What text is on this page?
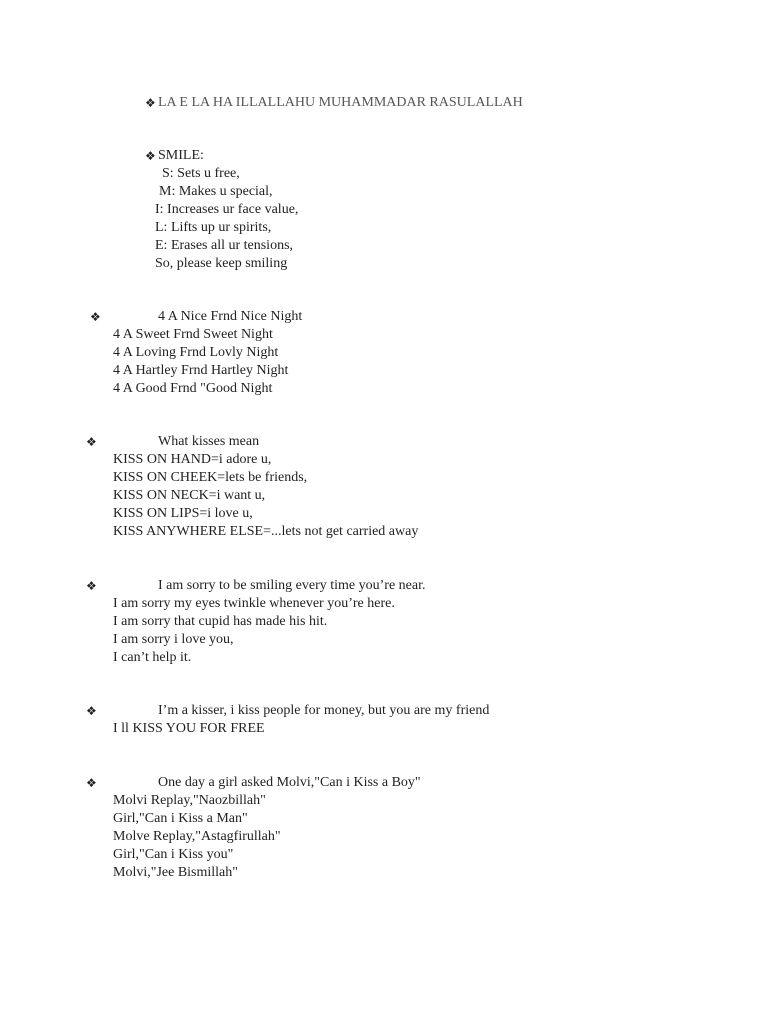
❖ LA E LA HA ILLALLAHU MUHAMMADAR RASULALLAH
❖ SMILE:
S: Sets u free,
M: Makes u special,
I: Increases ur face value,
L: Lifts up ur spirits,
E: Erases all ur tensions,
So, please keep smiling
❖	4 A Nice Frnd Nice Night
4 A Sweet Frnd Sweet Night
4 A Loving Frnd Lovly Night
4 A Hartley Frnd Hartley Night
4 A Good Frnd "Good Night
❖	What kisses mean
KISS ON HAND=i adore u,
KISS ON CHEEK=lets be friends,
KISS ON NECK=i want u,
KISS ON LIPS=i love u,
KISS ANYWHERE ELSE=...lets not get carried away
❖	I am sorry to be smiling every time you’re near.
I am sorry my eyes twinkle whenever you’re here.
I am sorry that cupid has made his hit.
I am sorry i love you,
I can’t help it.
❖	I’m a kisser, i kiss people for money, but you are my friend
I ll KISS YOU FOR FREE
❖	One day a girl asked Molvi,"Can i Kiss a Boy"
Molvi Replay,"Naozbillah"
Girl,"Can i Kiss a Man"
Molve Replay,"Astagfirullah"
Girl,"Can i Kiss you"
Molvi,"Jee Bismillah"
